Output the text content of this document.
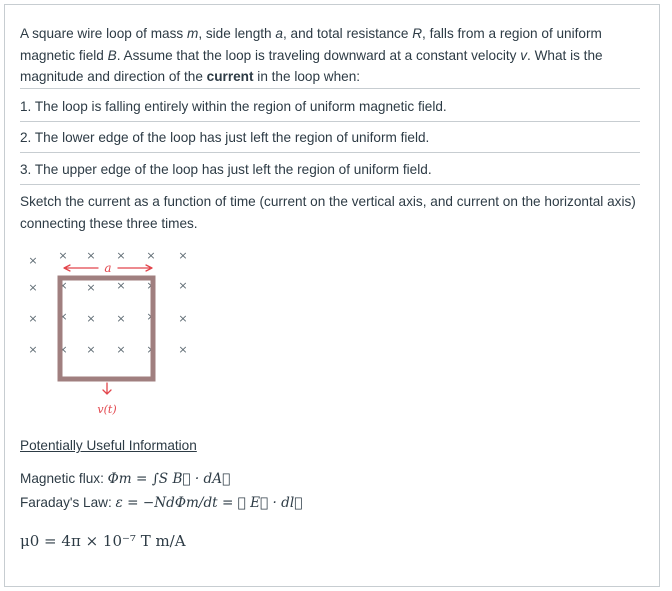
A square wire loop of mass m, side length a, and total resistance R, falls from a region of uniform magnetic field B. Assume that the loop is traveling downward at a constant velocity v. What is the magnitude and direction of the current in the loop when:

1. The loop is falling entirely within the region of uniform magnetic field.

2. The lower edge of the loop has just left the region of uniform field.

3. The upper edge of the loop has just left the region of uniform field.

Sketch the current as a function of time (current on the vertical axis, and current on the horizontal axis) connecting these three times.

× × × × × ×
× × × × × ×
× × × × × ×
× × × × × ×
a
v(t)

Potentially Useful Information

Magnetic flux: Φm = ∫S B⃗ · dA⃗

Faraday's Law: ε = −NdΦm/dt = ∮ E⃗ · dl⃗

μ0 = 4π × 10⁻⁷ T m/A
